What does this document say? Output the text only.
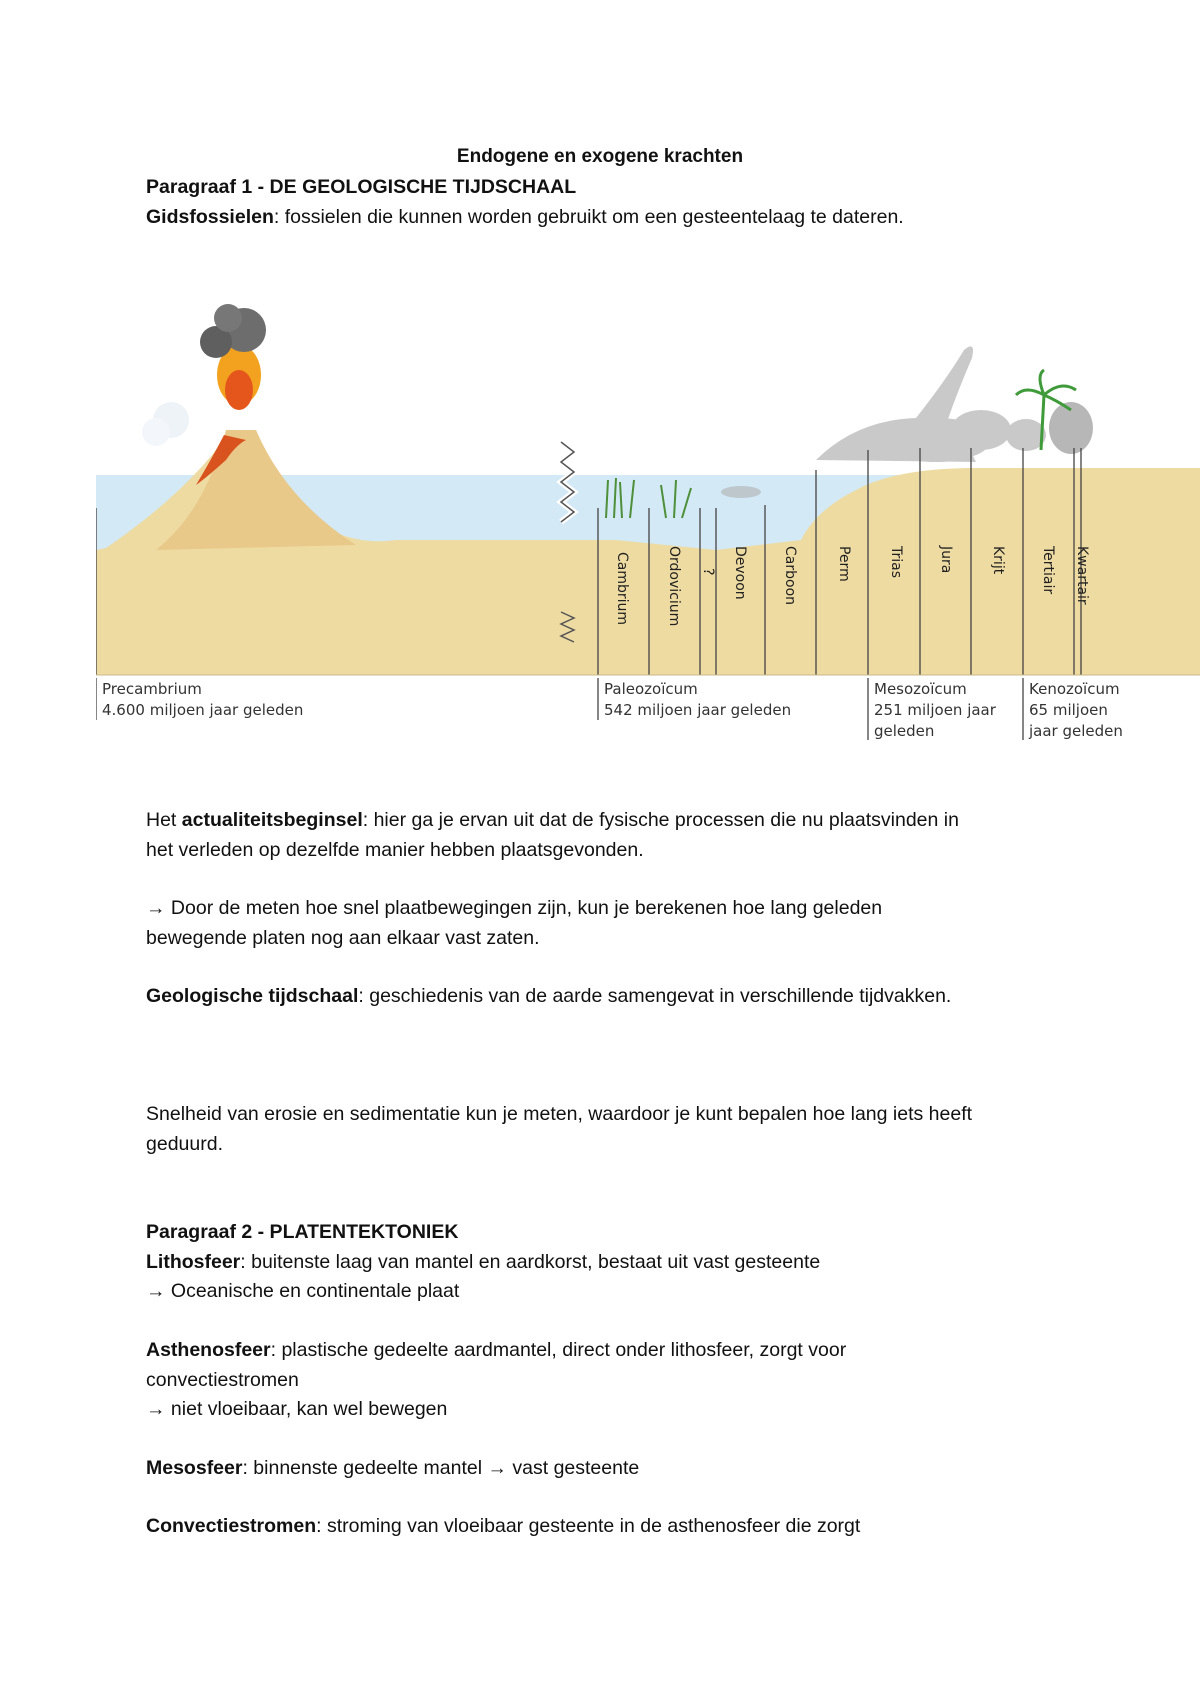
Endogene en exogene krachten

Paragraaf 1 - DE GEOLOGISCHE TIJDSCHAAL
Gidsfossielen: fossielen die kunnen worden gebruikt om een gesteentelaag te dateren.

Cambrium	Ordovicium ? Devoon Carboon	Perm	Trias Jura	Krijt Tertiair Kwartair
Precambrium
4.600 miljoen jaar geleden
Paleozoïcum
542 miljoen jaar geleden
Mesozoïcum
251 miljoen jaar
geleden
Kenozoïcum
65 miljoen
jaar geleden

Het actualiteitsbeginsel: hier ga je ervan uit dat de fysische processen die nu plaatsvinden in het verleden op dezelfde manier hebben plaatsgevonden.

→ Door de meten hoe snel plaatbewegingen zijn, kun je berekenen hoe lang geleden bewegende platen nog aan elkaar vast zaten.

Geologische tijdschaal: geschiedenis van de aarde samengevat in verschillende tijdvakken.

Snelheid van erosie en sedimentatie kun je meten, waardoor je kunt bepalen hoe lang iets heeft geduurd.

Paragraaf 2 - PLATENTEKTONIEK
Lithosfeer: buitenste laag van mantel en aardkorst, bestaat uit vast gesteente
→ Oceanische en continentale plaat

Asthenosfeer: plastische gedeelte aardmantel, direct onder lithosfeer, zorgt voor convectiestromen
→ niet vloeibaar, kan wel bewegen

Mesosfeer: binnenste gedeelte mantel → vast gesteente

Convectiestromen: stroming van vloeibaar gesteente in de asthenosfeer die zorgt
